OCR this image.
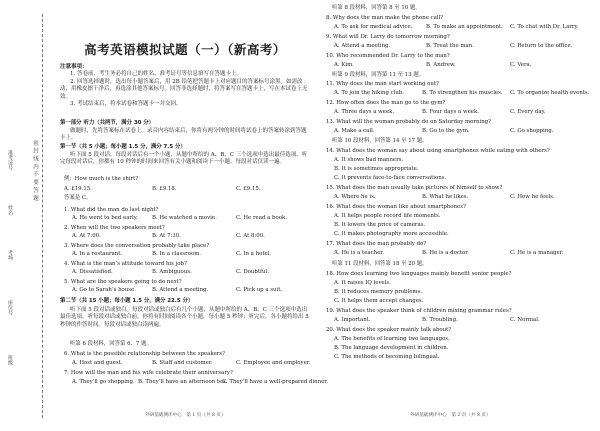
密 封 线 内 不 要 答 题
准考证号
姓名
考场
座位号
班级
高考英语模拟试题（一）（新高考）
注意事项：
1. 答卷前，考生务必将自己的姓名、准考证号等信息填写在答题卡上。
2. 回答选择题时，选出每小题答案后，用 2B 铅笔把答题卡上对应题目的答案标号涂黑。如需改动，用橡皮擦干净后，再选涂其他答案标号。回答非选择题时，将答案写在答题卡上，写在本试卷上无效。
3. 考试结束后，将本试卷和答题卡一并交回。
第一部分 听力（共两节，满分 30 分）
做题时，先将答案标在试卷上。录音内容结束后，你将有两分钟的时间将试卷上的答案转涂到答题卡上。
第一节（共 5 小题；每小题 1.5 分，满分 7.5 分）
听下面 5 段对话。每段对话后有一个小题，从题中所给的 A、B、C 三个选项中选出最佳选项。听完每段对话后，你都有 10 秒钟的时间来回答有关小题和阅读下一小题。每段对话仅读一遍。
例：How much is the shirt?
A. £19.15.	B. £9.18.	C. £9.15.
答案是 C。
1. What did the man do last night?
A. He went to bed early.	B. He watched a movie.	C. He read a book.
2. When will the two speakers meet?
A. At 7:00.	B. At 7:30.	C. At 8:00.
3. Where does the conversation probably take place?
A. In a restaurant.	B. In a classroom.	C. In a hotel.
4. What is the man’s attitude toward his job?
A. Dissatisfied.	B. Ambiguous.	C. Doubtful.
5. What are the speakers going to do next?
A. Go to Sarah’s house.	B. Attend a meeting.	C. Pick up a suit.
第二节（共 15 小题；每小题 1.5 分，满分 22.5 分）
听下面 5 段对话或独白。每段对话或独白后有几个小题，从题中所给的 A、B、C 三个选项中选出最佳选项。听每段对话或独白前，你将有时间阅读各个小题，每小题 5 秒钟；听完后，各小题将给出 5 秒钟的作答时间。每段对话或独白读两遍。
听第 6 段材料，回答第 6、7 题。
6. What is the possible relationship between the speakers?
A. Host and guest.	B. Staff and customer.	C. Employee and employer.
7. How will the man and his wife celebrate their anniversary?
A. They’ll go shopping. B. They’ll have an afternoon tea.
C. They’ll have a well-prepared dinner.
外研基础测评中心　第 1 页（共 8 页）
听第 8 段材料，回答第 8 至 10 题。
8. Why does the man make the phone call?
A. To ask for medical advice.	B. To make an appointment. C. To chat with Dr. Larry.
9. What will Dr. Larry do tomorrow morning?
A. Attend a meeting.	B. Treat the man.	C. Return to the office.
10. Who recommended Dr. Larry to the man?
A. Kim.	B. Andrew.	C. Vera.
听第 9 段材料，回答第 11 至 13 题。
11. Why does the man start working out?
A. To join the hiking club.	B. To strengthen his muscles. C. To organize health events.
12. How often does the man go to the gym?
A. Three days a week.	B. Four days a week.	C. Every day.
13. What will the woman probably do on Saturday morning?
A. Make a call.	B. Go to the gym.	C. Go shopping.
听第 10 段材料，回答第 14 至 17 题。
14. What does the woman say about using smartphones while eating with others?
A. It shows bad manners.
B. It is sometimes appropriate.
C. It prevents face-to-face conversations.
15. What does the man usually take pictures of himself to show?
A. Where he is.	B. What he likes.	C. How he feels.
16. What does the woman like about smartphones?
A. It helps people record life moments.
B. It lowers the price of cameras.
C. It makes photography more accessible.
17. What does the man probably do?
A. He is a teacher.	B. He is a doctor.	C. He is a manager.
听第 11 段材料，回答第 18 至 20 题。
18. How does learning two languages mainly benefit senior people?
A. It raises IQ levels.
B. It reduces memory problems.
C. It helps them accept changes.
19. What does the speaker think of children mixing grammar rules?
A. Important.	B. Troubling.	C. Normal.
20. What does the speaker mainly talk about?
A. The benefits of learning two languages.
B. The language development in children.
C. The methods of becoming bilingual.
外研基础测评中心　第 2 页（共 8 页）
